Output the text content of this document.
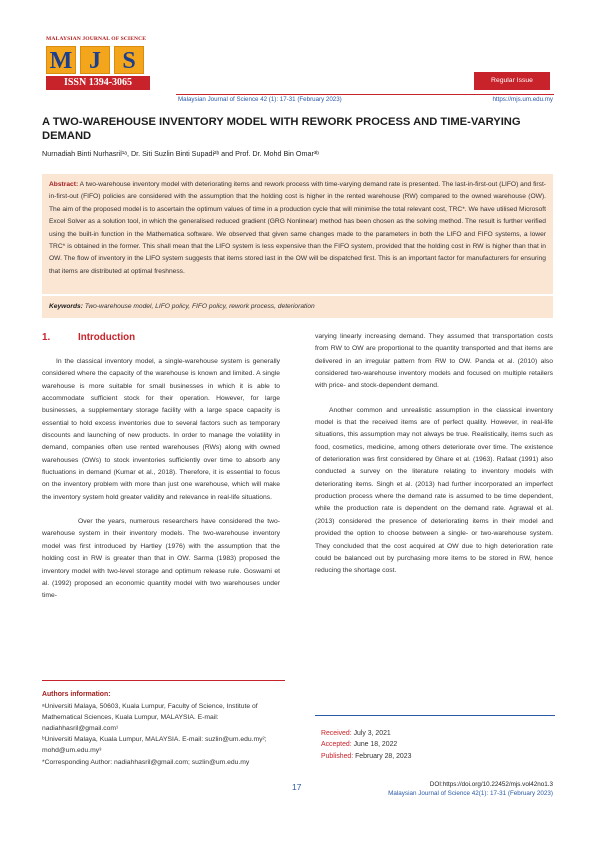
MALAYSIAN JOURNAL OF SCIENCE
M J S
ISSN 1394-3065	Regular Issue
Malaysian Journal of Science 42 (1): 17-31 (February 2023)	https://mjs.um.edu.my
A TWO-WAREHOUSE INVENTORY MODEL WITH REWORK PROCESS AND TIME-VARYING DEMAND
Nurnadiah Binti Nurhasril¹ᵃ, Dr. Siti Suzlin Binti Supadi²ᵇ and Prof. Dr. Mohd Bin Omar³ᵇ
Abstract: A two-warehouse inventory model with deteriorating items and rework process with time-varying demand rate is presented. The last-in-first-out (LIFO) and first-in-first-out (FIFO) policies are considered with the assumption that the holding cost is higher in the rented warehouse (RW) compared to the owned warehouse (OW). The aim of the proposed model is to ascertain the optimum values of time in a production cycle that will minimise the total relevant cost, TRC*. We have utilised Microsoft Excel Solver as a solution tool, in which the generalised reduced gradient (GRG Nonlinear) method has been chosen as the solving method. The result is further verified using the built-in function in the Mathematica software. We observed that given same changes made to the parameters in both the LIFO and FIFO systems, a lower TRC* is obtained in the former. This shall mean that the LIFO system is less expensive than the FIFO system, provided that the holding cost in RW is higher than that in OW. The flow of inventory in the LIFO system suggests that items stored last in the OW will be dispatched first. This is an important factor for manufacturers for ensuring that items are distributed at optimal freshness.
Keywords: Two-warehouse model, LIFO policy, FIFO policy, rework process, deterioration
1.	Introduction

In the classical inventory model, a single-warehouse system is generally considered where the capacity of the warehouse is known and limited. A single warehouse is more suitable for small businesses in which it is able to accommodate sufficient stock for their operation. However, for large businesses, a supplementary storage facility with a large space capacity is essential to hold excess inventories due to several factors such as temporary discounts and launching of new products. In order to manage the volatility in demand, companies often use rented warehouses (RWs) along with owned warehouses (OWs) to stock inventories sufficiently over time to absorb any fluctuations in demand (Kumar et al., 2018). Therefore, it is essential to focus on the inventory problem with more than just one warehouse, which will make the inventory system hold greater validity and relevance in real-life situations.

Over the years, numerous researchers have considered the two-warehouse system in their inventory models. The two-warehouse inventory model was first introduced by Hartley (1976) with the assumption that the holding cost in RW is greater than that in OW. Sarma (1983) proposed the inventory model with two-level storage and optimum release rule. Goswami et al. (1992) proposed an economic quantity model with two warehouses under time-

varying linearly increasing demand. They assumed that transportation costs from RW to OW are proportional to the quantity transported and that items are delivered in an irregular pattern from RW to OW. Panda et al. (2010) also considered two-warehouse inventory models and focused on multiple retailers with price- and stock-dependent demand.

Another common and unrealistic assumption in the classical inventory model is that the received items are of perfect quality. However, in real-life situations, this assumption may not always be true. Realistically, items such as food, cosmetics, medicine, among others deteriorate over time. The existence of deterioration was first considered by Ghare et al. (1963). Rafaat (1991) also conducted a survey on the literature relating to inventory models with deteriorating items. Singh et al. (2013) had further incorporated an imperfect production process where the demand rate is assumed to be time dependent, while the production rate is dependent on the demand rate. Agrawal et al. (2013) considered the presence of deteriorating items in their model and provided the option to choose between a single- or two-warehouse system. They concluded that the cost acquired at OW due to high deterioration rate could be balanced out by purchasing more items to be stored in RW, hence reducing the shortage cost.

Authors information:
ᵃUniversiti Malaya, 50603, Kuala Lumpur, Faculty of Science, Institute of Mathematical Sciences, Kuala Lumpur, MALAYSIA. E-mail: nadiahhasril@gmail.com¹
ᵇUniversiti Malaya, Kuala Lumpur, MALAYSIA. E-mail: suzlin@um.edu.my²; mohd@um.edu.my³
*Corresponding Author: nadiahhasril@gmail.com; suzlin@um.edu.my
Received: July 3, 2021
Accepted: June 18, 2022
Published: February 28, 2023
17	DOI:https://doi.org/10.22452/mjs.vol42no1.3
Malaysian Journal of Science 42(1): 17-31 (February 2023)
